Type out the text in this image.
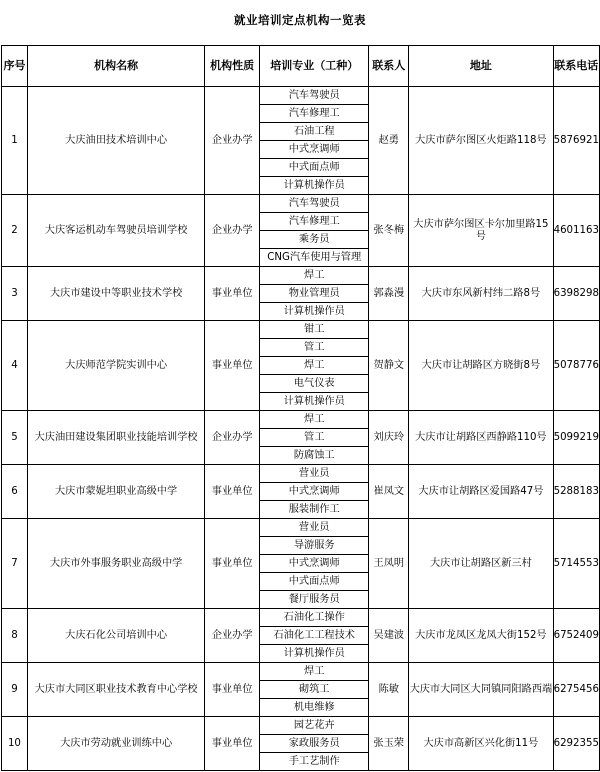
就业培训定点机构一览表
序号	机构名称	机构性质	培训专业（工种）	联系人	地址	联系电话
1	大庆油田技术培训中心	企业办学	汽车驾驶员	赵勇	大庆市萨尔图区火炬路118号	5876921
			汽车修理工			
			石油工程			
			中式烹调师			
			中式面点师			
			计算机操作员			
2	大庆客运机动车驾驶员培训学校	企业办学	汽车驾驶员	张冬梅	大庆市萨尔图区卡尔加里路15号	4601163
			汽车修理工			
			乘务员			
			CNG汽车使用与管理			
3	大庆市建设中等职业技术学校	事业单位	焊工	郭淼漫	大庆市东风新村纬二路8号	6398298
			物业管理员			
			计算机操作员			
4	大庆师范学院实训中心	事业单位	钳工	贺静文	大庆市让胡路区方晓街8号	5078776
			管工			
			焊工			
			电气仪表			
			计算机操作员			
5	大庆油田建设集团职业技能培训学校	企业办学	焊工	刘庆玲	大庆市让胡路区西静路110号	5099219
			管工			
			防腐蚀工			
6	大庆市蒙妮坦职业高级中学	事业单位	营业员	崔凤文	大庆市让胡路区爱国路47号	5288183
			中式烹调师			
			服装制作工			
7	大庆市外事服务职业高级中学	事业单位	营业员	王凤明	大庆市让胡路区新三村	5714553
			导游服务			
			中式烹调师			
			中式面点师			
			餐厅服务员			
8	大庆石化公司培训中心	企业办学	石油化工操作	吴建波	大庆市龙凤区龙凤大街152号	6752409
			石油化工工程技术			
			计算机操作员			
9	大庆市大同区职业技术教育中心学校	事业单位	焊工	陈敏	大庆市大同区大同镇同阳路西端	6275456
			砌筑工			
			机电维修			
10	大庆市劳动就业训练中心	事业单位	园艺花卉	张玉荣	大庆市高新区兴化街11号	6292355
			家政服务员			
			手工艺制作			
